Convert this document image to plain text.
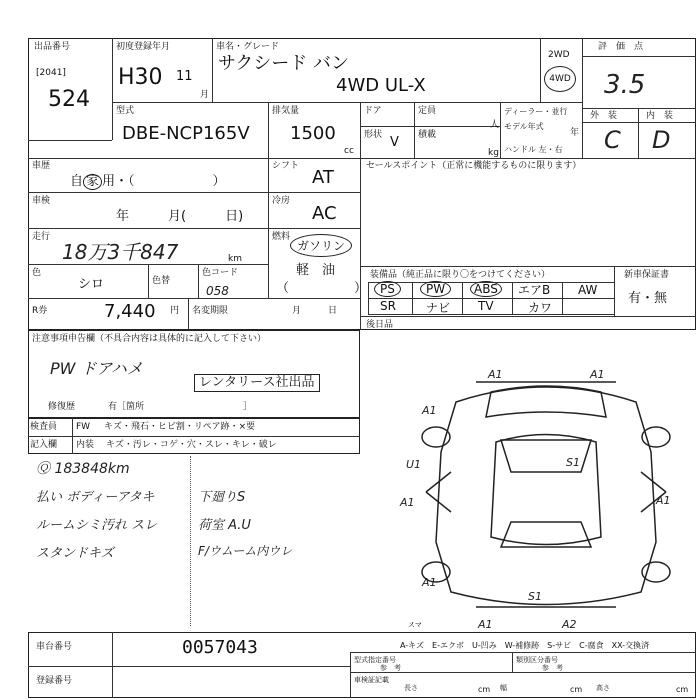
出品番号
[2041]
524
初度登録年月
H30 11
月
車名・グレード
サクシード バン
4WD UL-X
2WD
4WD
評　価　点
3.5
外　装	内　装
C D
型式
DBE-NCP165V
排気量
1500
cc
ドア
形状 V
定員
人
積載
kg
ディーラー・並行
モデル年式
年
ハンドル 左・右
車歴
自 家 用・（　　　　　　）
シフト
AT
車検
年　　　月(　　　日)
冷房
AC
走行
18万3千847	km
燃料
ガソリン
軽　油
（　　　　　）
色
シロ	色替
色コード
058
R券	7,440 円 名変期限	月　　　日
セールスポイント（正常に機能するものに限ります）
装備品（純正品に限り〇をつけてください）	新車保証書
有・無
PS	PW	ABS	エアB AW
SR	ナビ TV	カワ
後日品
注意事項申告欄（不具合内容は具体的に記入して下さい）
PW ドアハメ
レンタリース社出品
修復歴	有［箇所　　　　　　　　　　　］
検査員
記入欄
FW キズ・飛石・ヒビ割・リペア跡・×要
内装 キズ・汚レ・コゲ・穴・スレ・キレ・破レ
Ⓠ 183848km
払い ボディーアタキ
ルームシミ汚れ スレ
スタンドキズ
下廻りS
荷室 A.U
F/ウムーム内ウレ
A1	A1
U1
A1
S1
A1	A1
A1
S1
A1	A2
スマ
A-キズ　E-エクボ　U-凹み　W-補修跡　S-サビ　C-腐食　XX-交換済
車台番号	0057043
登録番号
型式指定番号
参　考
類別区分番号
参　考
車検証記載
長さ	cm 幅	cm 高さ	cm
